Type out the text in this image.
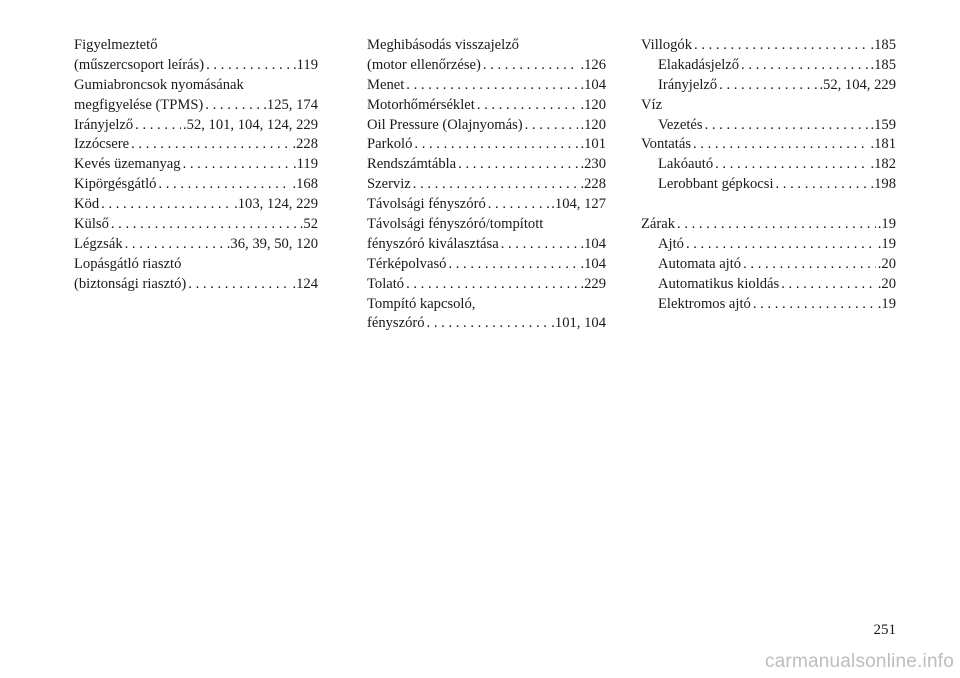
Figyelmeztető
(műszercsoport leírás) . . .	.119
Gumiabroncsok nyomásának
megfigyelése (TPMS) . . .	.125, 174
Irányjelző . . .	.52, 101, 104, 124, 229
Izzócsere . . .	.228
Kevés üzemanyag . . .	.119
Kipörgésgátló . . .	.168
Köd . . .	.103, 124, 229
Külső . . .	.52
Légzsák . . .	.36, 39, 50, 120
Lopásgátló riasztó
(biztonsági riasztó) . . .	.124
Meghibásodás visszajelző
(motor ellenőrzése) . . .	.126
Menet . . .	.104
Motorhőmérséklet . . .	.120
Oil Pressure (Olajnyomás) . . .	.120
Parkoló . . .	.101
Rendszámtábla . . .	.230
Szerviz . . .	.228
Távolsági fényszóró . . .	.104, 127
Távolsági fényszóró/tompított
fényszóró kiválasztása . . .	.104
Térképolvasó . . .	.104
Tolató . . .	.229
Tompító kapcsoló,
fényszóró . . .	.101, 104
Villogók . . .	.185
Elakadásjelző . . .	.185
Irányjelző . . .	.52, 104, 229
Víz
Vezetés . . .	.159
Vontatás . . .	.181
Lakóautó . . .	.182
Lerobbant gépkocsi . . .	.198
Zárak . . .	.19
Ajtó . . .	.19
Automata ajtó . . .	.20
Automatikus kioldás . . .	.20
Elektromos ajtó . . .	.19
251
carmanualsonline.info
